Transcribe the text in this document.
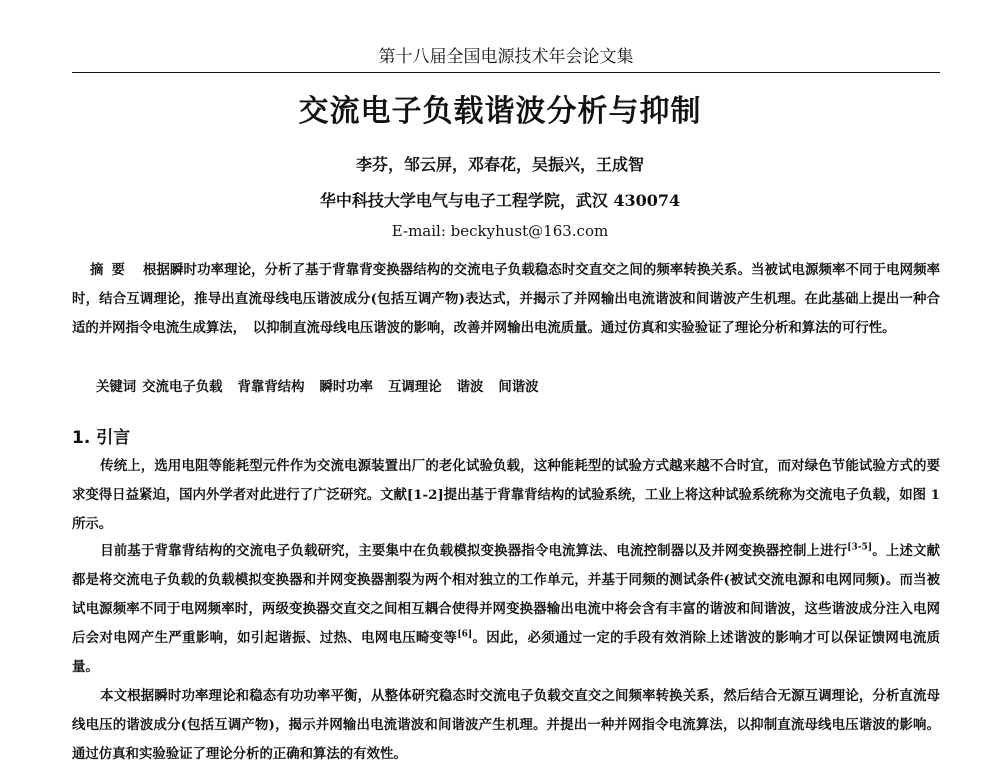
第十八届全国电源技术年会论文集
交流电子负载谐波分析与抑制
李芬，邹云屏，邓春花，吴振兴，王成智
华中科技大学电气与电子工程学院，武汉 430074
E-mail: beckyhust@163.com
摘要 根据瞬时功率理论，分析了基于背靠背变换器结构的交流电子负载稳态时交直交之间的频率转换关系。当被试电源频率不同于电网频率时，结合互调理论，推导出直流母线电压谐波成分(包括互调产物)表达式，并揭示了并网输出电流谐波和间谐波产生机理。在此基础上提出一种合适的并网指令电流生成算法，　以抑制直流母线电压谐波的影响，改善并网输出电流质量。通过仿真和实验验证了理论分析和算法的可行性。
关键词 交流电子负载 背靠背结构 瞬时功率 互调理论 谐波 间谐波
1. 引言
传统上，选用电阻等能耗型元件作为交流电源装置出厂的老化试验负载，这种能耗型的试验方式越来越不合时宜，而对绿色节能试验方式的要求变得日益紧迫，国内外学者对此进行了广泛研究。文献[1-2]提出基于背靠背结构的试验系统，工业上将这种试验系统称为交流电子负载，如图 1 所示。
目前基于背靠背结构的交流电子负载研究，主要集中在负载模拟变换器指令电流算法、电流控制器以及并网变换器控制上进行[3-5]。上述文献都是将交流电子负载的负载模拟变换器和并网变换器割裂为两个相对独立的工作单元，并基于同频的测试条件(被试交流电源和电网同频)。而当被试电源频率不同于电网频率时，两级变换器交直交之间相互耦合使得并网变换器输出电流中将会含有丰富的谐波和间谐波，这些谐波成分注入电网后会对电网产生严重影响，如引起谐振、过热、电网电压畸变等[6]。因此，必须通过一定的手段有效消除上述谐波的影响才可以保证馈网电流质量。
本文根据瞬时功率理论和稳态有功功率平衡，从整体研究稳态时交流电子负载交直交之间频率转换关系，然后结合无源互调理论，分析直流母线电压的谐波成分(包括互调产物)，揭示并网输出电流谐波和间谐波产生机理。并提出一种并网指令电流算法，以抑制直流母线电压谐波的影响。通过仿真和实验验证了理论分析的正确和算法的有效性。
